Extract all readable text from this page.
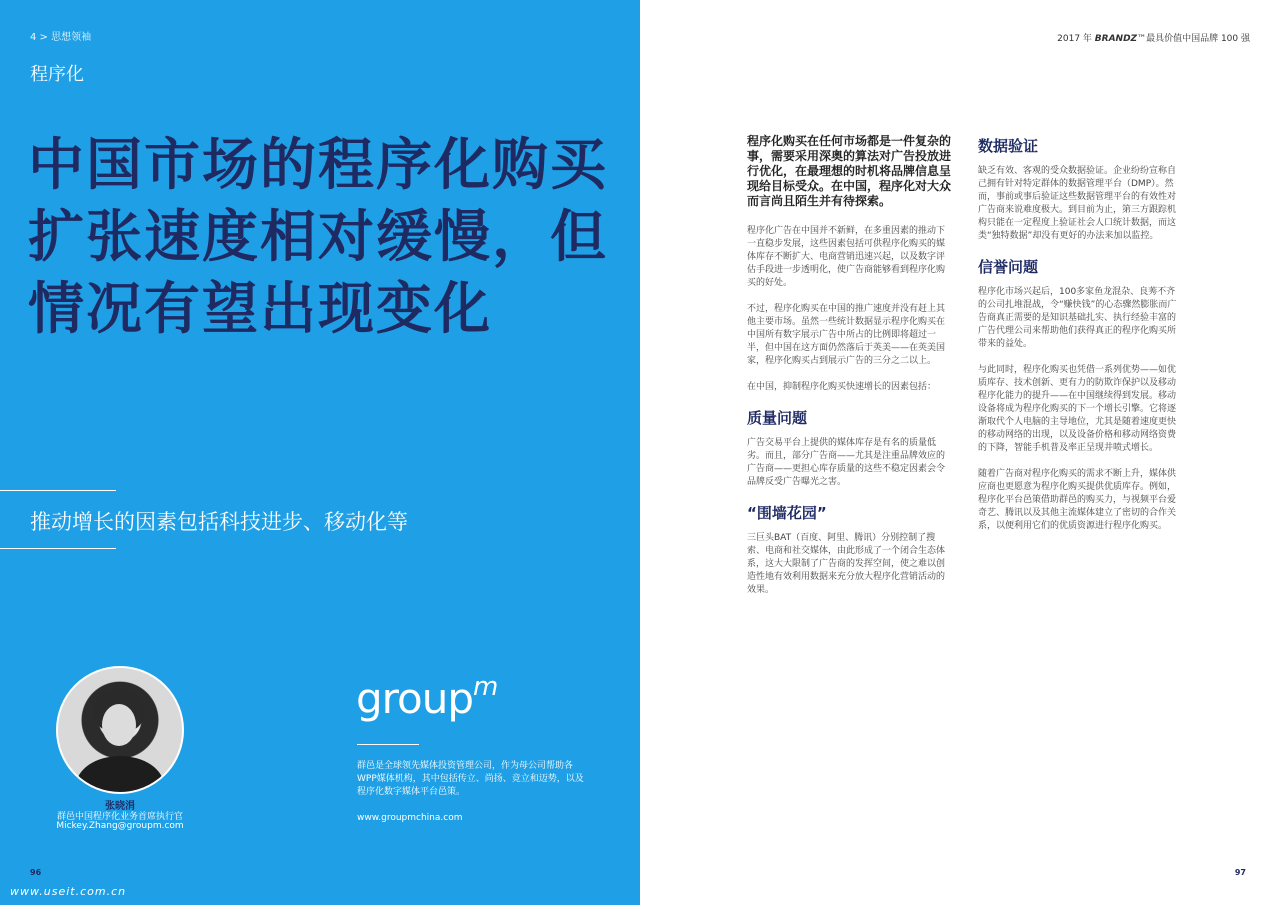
4 > 思想领袖
程序化
中国市场的程序化购买扩张速度相对缓慢，但情况有望出现变化
推动增长的因素包括科技进步、移动化等
张晓涓
群邑中国程序化业务首席执行官
Mickey.Zhang@groupm.com
group$^m$
群邑是全球领先媒体投资管理公司，作为母公司帮助各WPP媒体机构，其中包括传立、尚扬、竞立和迈势，以及程序化数字媒体平台邑策。
www.groupmchina.com
96
www.useit.com.cn
2017 年 BRANDZ™最具价值中国品牌 100 强
程序化购买在任何市场都是一件复杂的事，需要采用深奥的算法对广告投放进行优化，在最理想的时机将品牌信息呈现给目标受众。在中国，程序化对大众而言尚且陌生并有待探索。
程序化广告在中国并不新鲜，在多重因素的推动下一直稳步发展，这些因素包括可供程序化购买的媒体库存不断扩大、电商营销迅速兴起，以及数字评估手段进一步透明化，使广告商能够看到程序化购买的好处。
不过，程序化购买在中国的推广速度并没有赶上其他主要市场。虽然一些统计数据显示程序化购买在中国所有数字展示广告中所占的比例即将超过一半，但中国在这方面仍然落后于英美——在英美国家，程序化购买占到展示广告的三分之二以上。
在中国，抑制程序化购买快速增长的因素包括：
质量问题
广告交易平台上提供的媒体库存是有名的质量低劣。而且，部分广告商——尤其是注重品牌效应的广告商——更担心库存质量的这些不稳定因素会令品牌反受广告曝光之害。
“围墙花园”
三巨头BAT（百度、阿里、腾讯）分别控制了搜索、电商和社交媒体，由此形成了一个闭合生态体系，这大大限制了广告商的发挥空间，使之难以创造性地有效利用数据来充分放大程序化营销活动的效果。
数据验证
缺乏有效、客观的受众数据验证。企业纷纷宣称自己拥有针对特定群体的数据管理平台（DMP）。然而，事前或事后验证这些数据管理平台的有效性对广告商来说难度极大。到目前为止，第三方跟踪机构只能在一定程度上验证社会人口统计数据，而这类“独特数据”却没有更好的办法来加以监控。
信誉问题
程序化市场兴起后，100多家鱼龙混杂、良莠不齐的公司扎堆混战，令“赚快钱”的心态骤然膨胀而广告商真正需要的是知识基础扎实、执行经验丰富的广告代理公司来帮助他们获得真正的程序化购买所带来的益处。
与此同时，程序化购买也凭借一系列优势——如优质库存、技术创新、更有力的防欺诈保护以及移动程序化能力的提升——在中国继续得到发展。移动设备将成为程序化购买的下一个增长引擎。它将逐渐取代个人电脑的主导地位，尤其是随着速度更快的移动网络的出现，以及设备价格和移动网络资费的下降，智能手机普及率正呈现井喷式增长。
随着广告商对程序化购买的需求不断上升，媒体供应商也更愿意为程序化购买提供优质库存。例如，程序化平台邑策借助群邑的购买力，与视频平台爱奇艺、腾讯以及其他主流媒体建立了密切的合作关系，以便利用它们的优质资源进行程序化购买。
97
